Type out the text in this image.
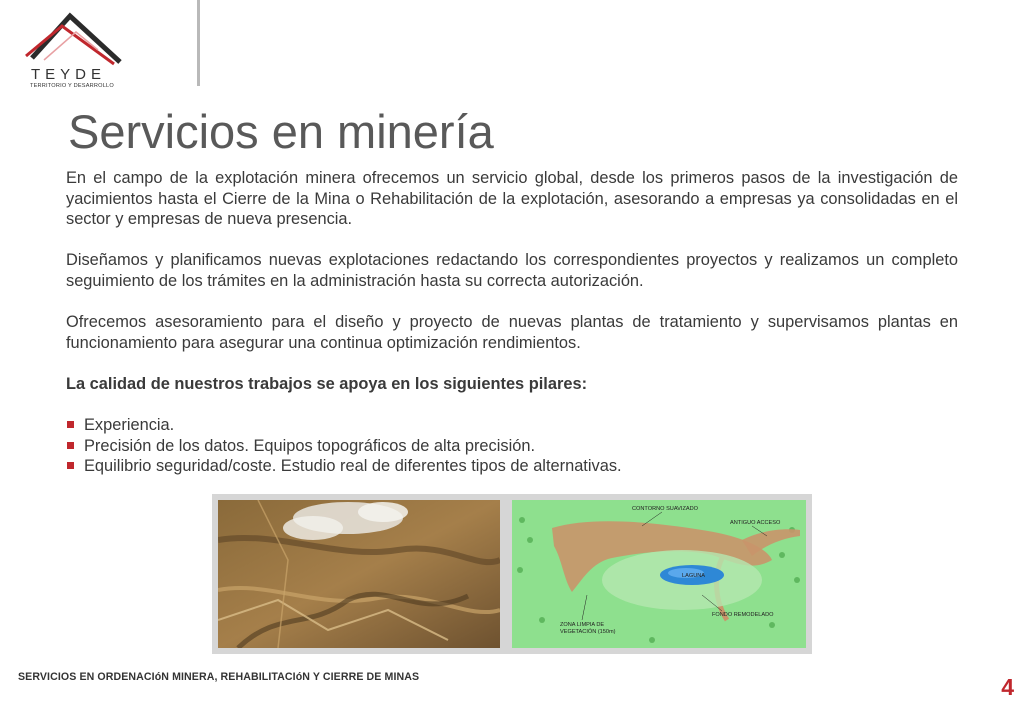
TEYDE
TERRITORIO Y DESARROLLO
Servicios en minería

En el campo de la explotación minera ofrecemos un servicio global, desde los primeros pasos de la investigación de yacimientos hasta el Cierre de la Mina o Rehabilitación de la explotación, asesorando a empresas ya consolidadas en el sector y empresas de nueva presencia.

Diseñamos y planificamos nuevas explotaciones redactando los correspondientes proyectos y realizamos un completo seguimiento de los trámites en la administración hasta su correcta autorización.

Ofrecemos asesoramiento para el diseño y proyecto de nuevas plantas de tratamiento y supervisamos plantas en funcionamiento para asegurar una continua optimización rendimientos.

La calidad de nuestros trabajos se apoya en los siguientes pilares:

Experiencia.
Precisión de los datos. Equipos topográficos de alta precisión.
Equilibrio seguridad/coste. Estudio real de diferentes tipos de alternativas.
CONTORNO SUAVIZADO
ANTIGUO ACCESO
LAGUNA
FONDO REMODELADO
ZONA LIMPIA DE
VEGETACIÓN (150m)
SERVICIOS EN ORDENACIóN MINERA, REHABILITACIóN Y CIERRE DE MINAS	4
